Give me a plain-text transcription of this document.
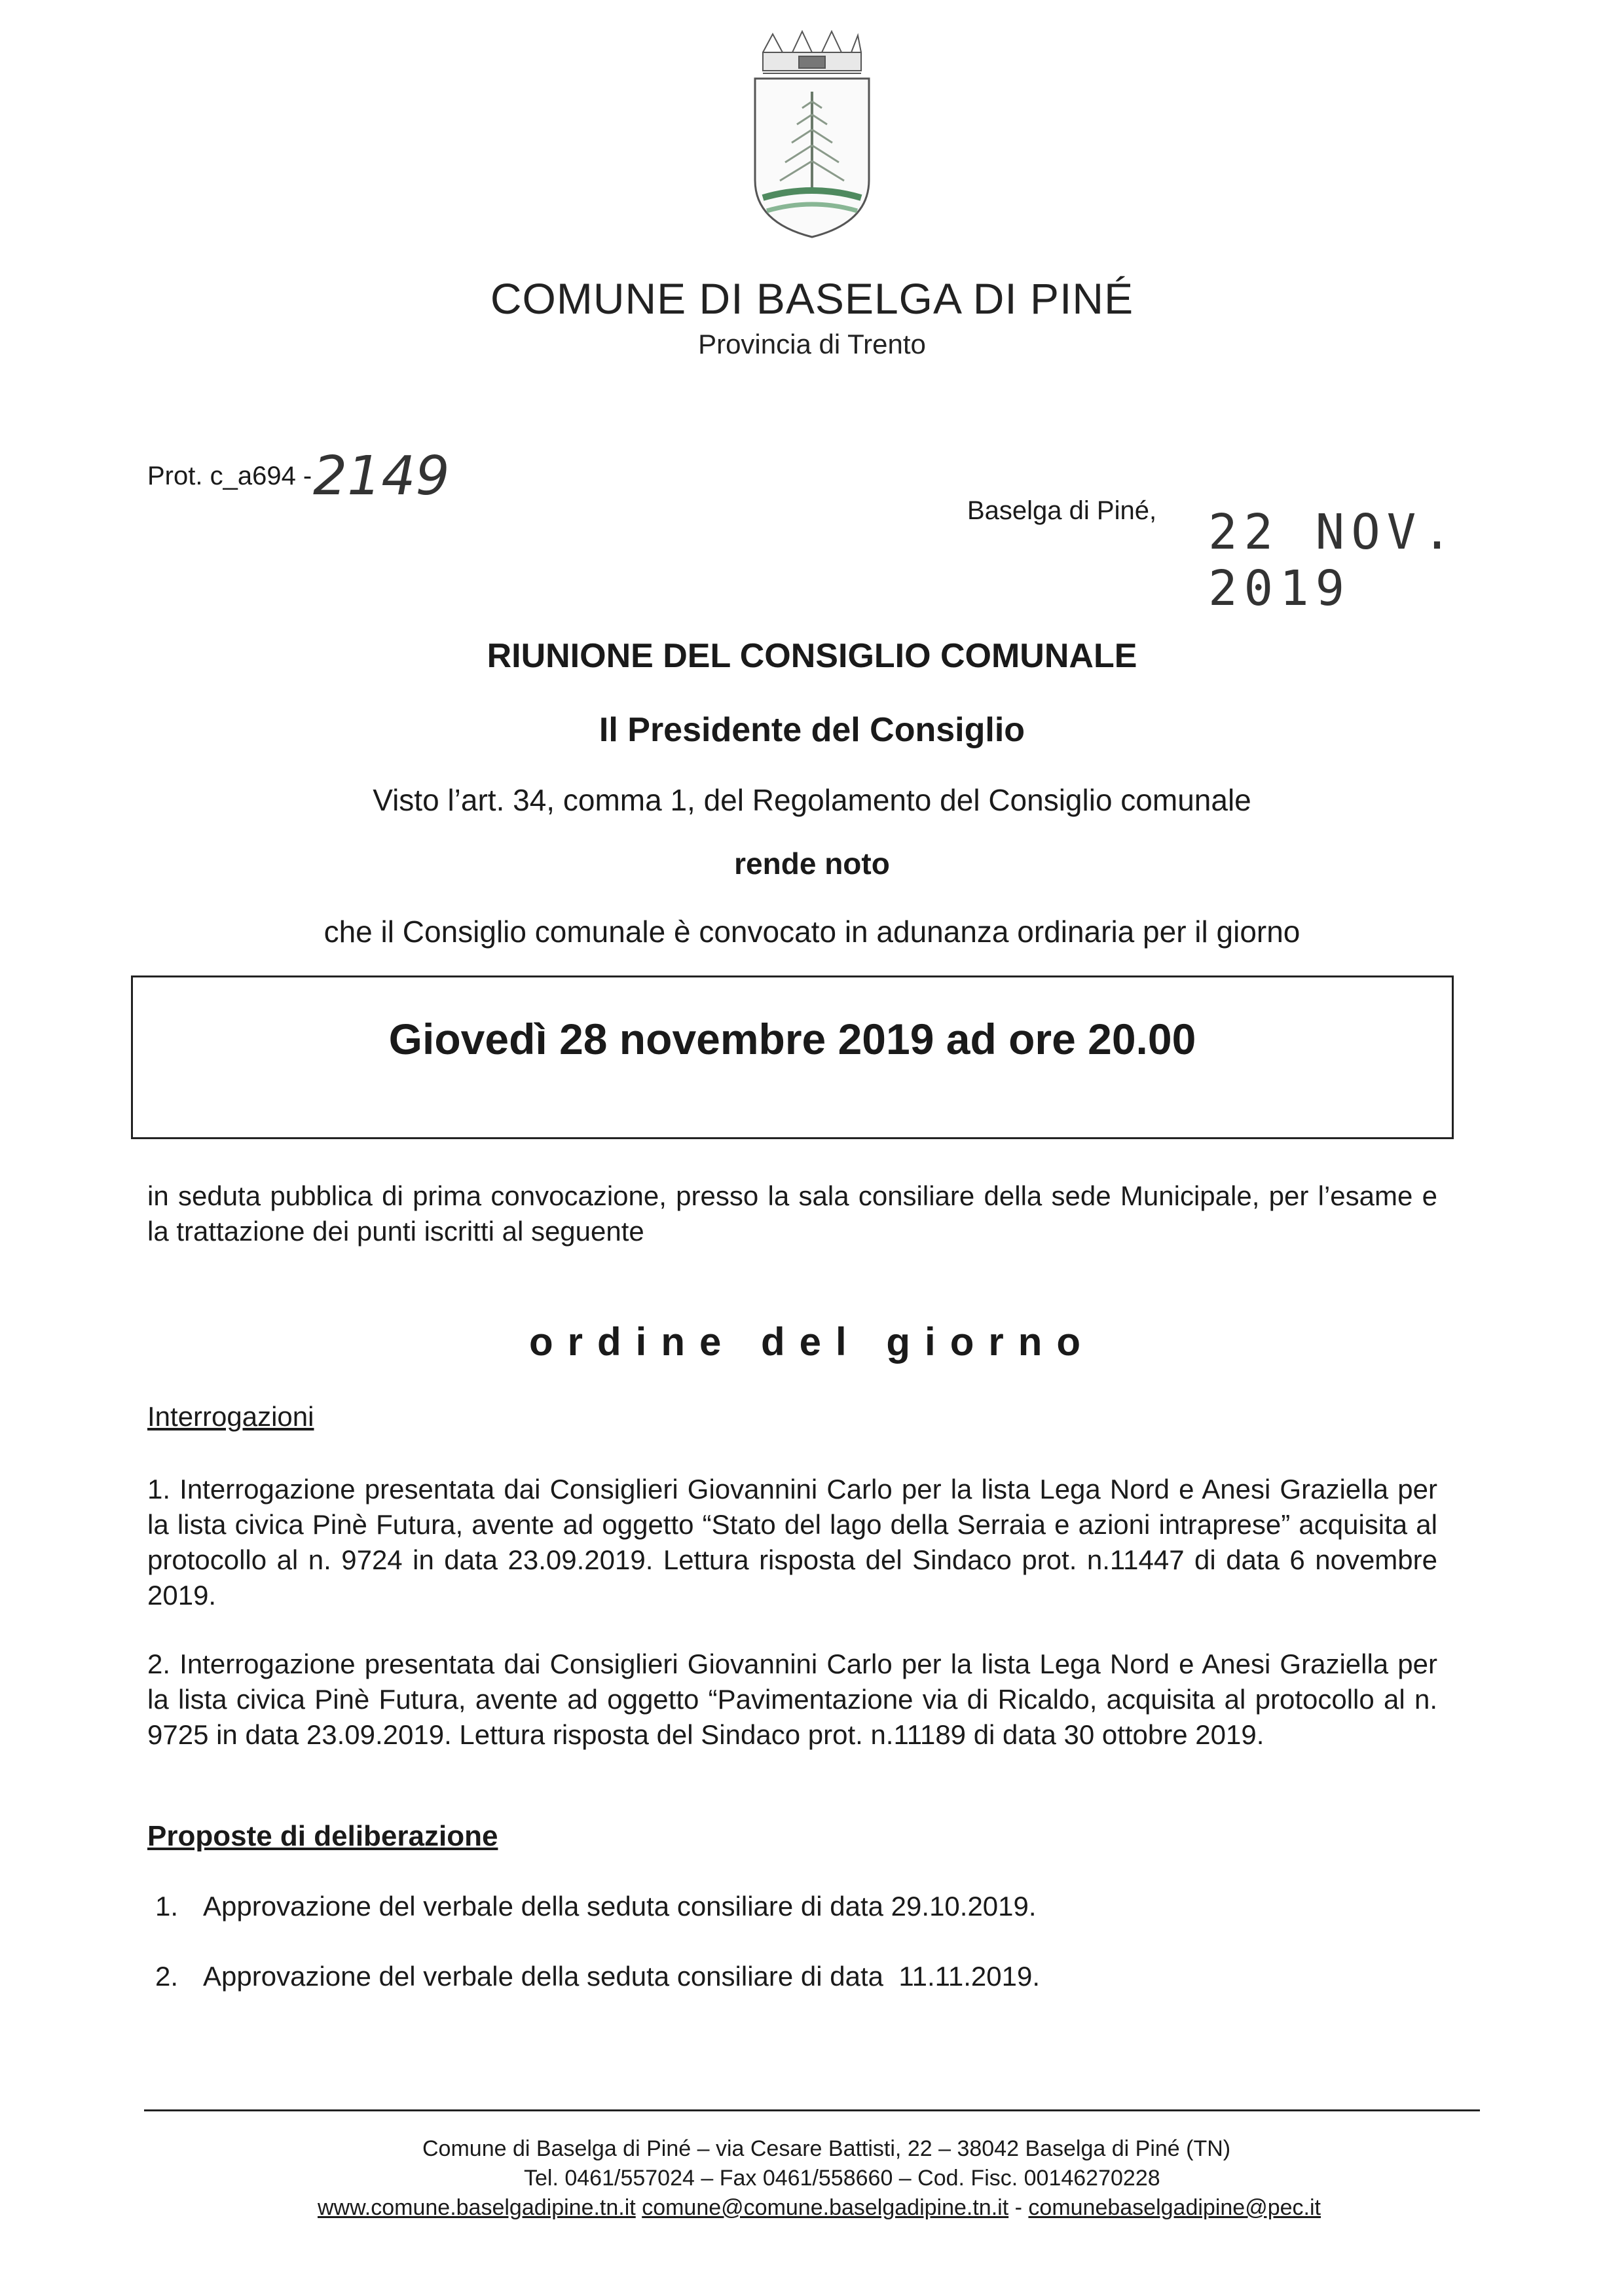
COMUNE DI BASELGA DI PINÉ
Provincia di Trento
Prot. c_a694 - 2149
Baselga di Piné, 22 NOV. 2019
RIUNIONE DEL CONSIGLIO COMUNALE
Il Presidente del Consiglio
Visto l’art. 34, comma 1, del Regolamento del Consiglio comunale
rende noto
che il Consiglio comunale è convocato in adunanza ordinaria per il giorno
Giovedì 28 novembre 2019 ad ore 20.00
in seduta pubblica di prima convocazione, presso la sala consiliare della sede Municipale, per l’esame e la trattazione dei punti iscritti al seguente
ordine del giorno
Interrogazioni
1. Interrogazione presentata dai Consiglieri Giovannini Carlo per la lista Lega Nord e Anesi Graziella per la lista civica Pinè Futura, avente ad oggetto “Stato del lago della Serraia e azioni intraprese” acquisita al protocollo al n. 9724 in data 23.09.2019. Lettura risposta del Sindaco prot. n.11447 di data 6 novembre 2019.
2. Interrogazione presentata dai Consiglieri Giovannini Carlo per la lista Lega Nord e Anesi Graziella per la lista civica Pinè Futura, avente ad oggetto “Pavimentazione via di Ricaldo, acquisita al protocollo al n. 9725 in data 23.09.2019. Lettura risposta del Sindaco prot. n.11189 di data 30 ottobre 2019.
Proposte di deliberazione
1. Approvazione del verbale della seduta consiliare di data 29.10.2019.
2. Approvazione del verbale della seduta consiliare di data  11.11.2019.
Comune di Baselga di Piné – via Cesare Battisti, 22 – 38042 Baselga di Piné (TN)
Tel. 0461/557024 – Fax 0461/558660 – Cod. Fisc. 00146270228
www.comune.baselgadipine.tn.it comune@comune.baselgadipine.tn.it - comunebaselgadipine@pec.it
